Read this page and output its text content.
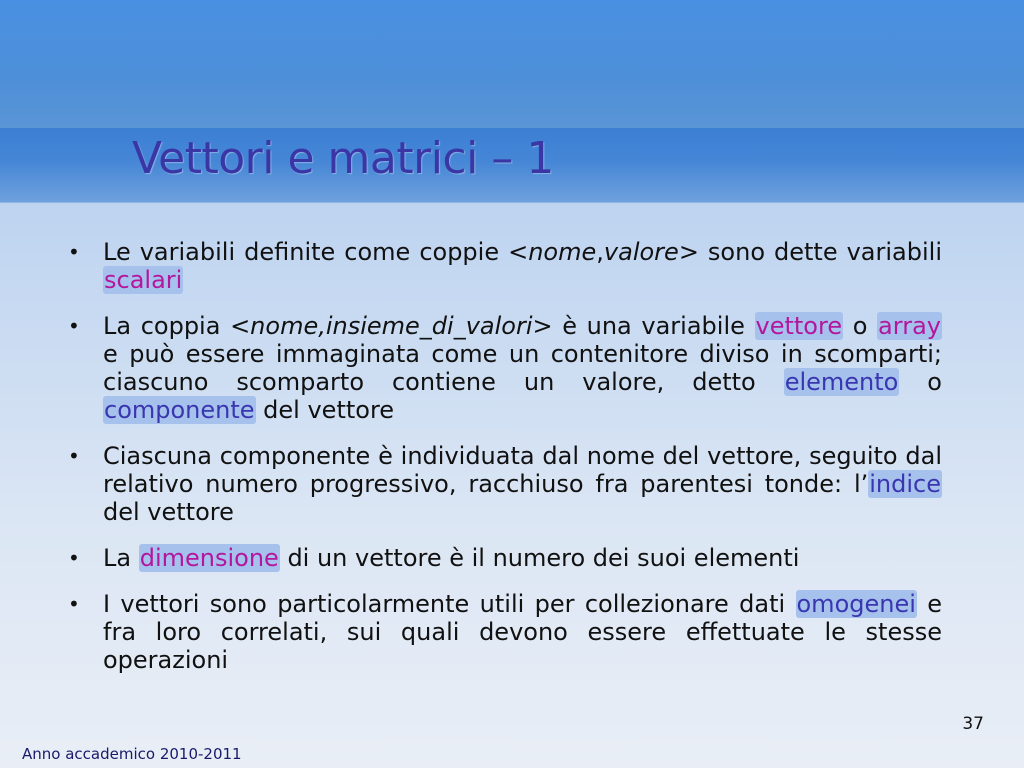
Vettori e matrici – 1
• Le variabili definite come coppie <nome,valore> sono dette variabili scalari
• La coppia <nome,insieme_di_valori> è una variabile vettore o array e può essere immaginata come un contenitore diviso in scomparti; ciascuno scomparto contiene un valore, detto elemento o componente del vettore
• Ciascuna componente è individuata dal nome del vettore, seguito dal relativo numero progressivo, racchiuso fra parentesi tonde: l’indice del vettore
• La dimensione di un vettore è il numero dei suoi elementi
• I vettori sono particolarmente utili per collezionare dati omogenei e fra loro correlati, sui quali devono essere effettuate le stesse operazioni
37
Anno accademico 2010-2011
